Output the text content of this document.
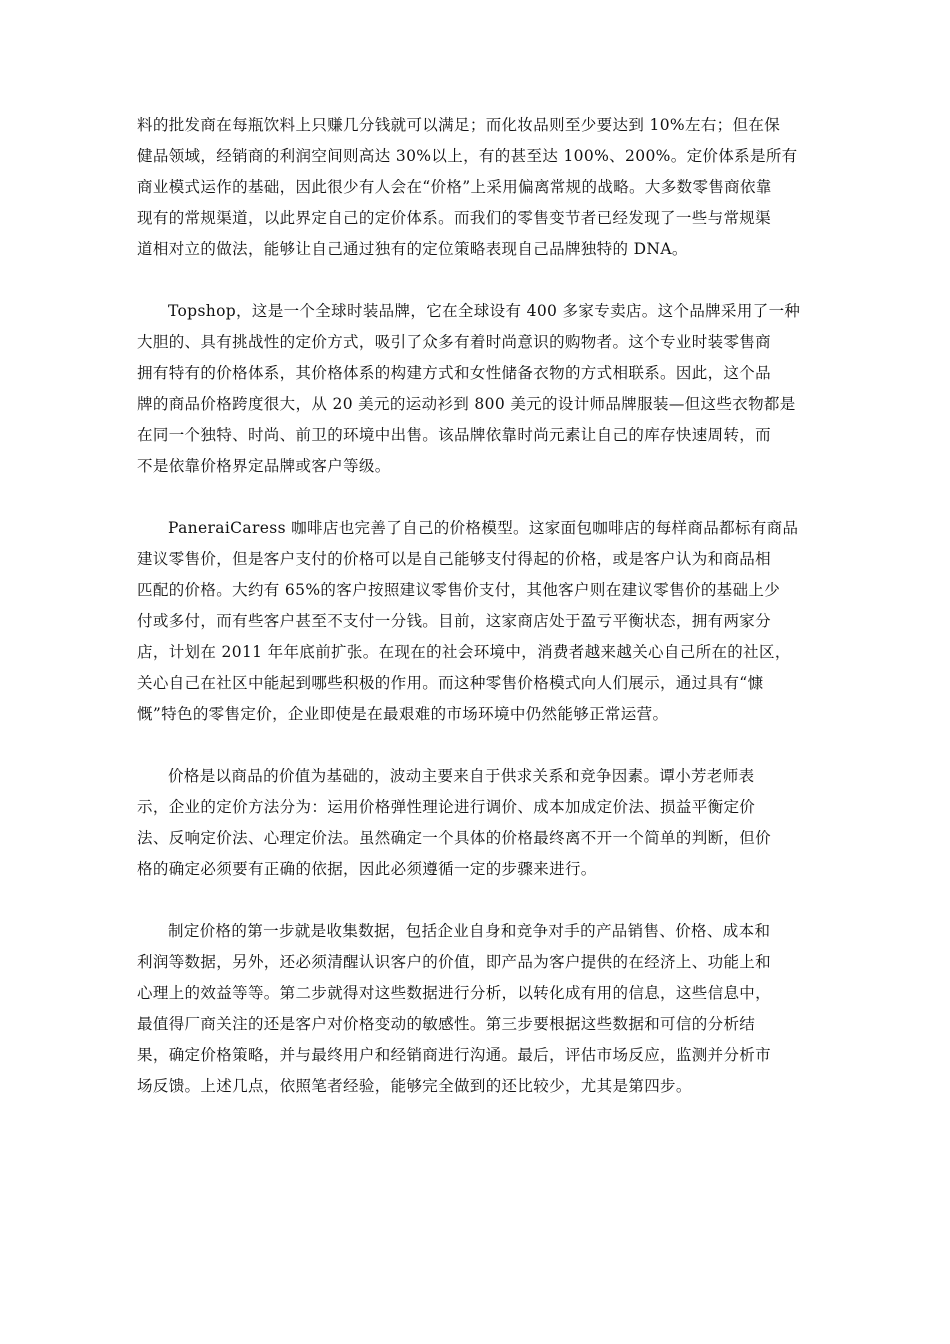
料的批发商在每瓶饮料上只赚几分钱就可以满足；而化妆品则至少要达到 10%左右；但在保
健品领域，经销商的利润空间则高达 30%以上，有的甚至达 100%、200%。定价体系是所有
商业模式运作的基础，因此很少有人会在“价格”上采用偏离常规的战略。大多数零售商依靠
现有的常规渠道，以此界定自己的定价体系。而我们的零售变节者已经发现了一些与常规渠
道相对立的做法，能够让自己通过独有的定位策略表现自己品牌独特的 DNA。

Topshop，这是一个全球时装品牌，它在全球设有 400 多家专卖店。这个品牌采用了一种
大胆的、具有挑战性的定价方式，吸引了众多有着时尚意识的购物者。这个专业时装零售商
拥有特有的价格体系，其价格体系的构建方式和女性储备衣物的方式相联系。因此，这个品
牌的商品价格跨度很大，从 20 美元的运动衫到 800 美元的设计师品牌服装—但这些衣物都是
在同一个独特、时尚、前卫的环境中出售。该品牌依靠时尚元素让自己的库存快速周转，而
不是依靠价格界定品牌或客户等级。

PaneraiCaress 咖啡店也完善了自己的价格模型。这家面包咖啡店的每样商品都标有商品
建议零售价，但是客户支付的价格可以是自己能够支付得起的价格，或是客户认为和商品相
匹配的价格。大约有 65%的客户按照建议零售价支付，其他客户则在建议零售价的基础上少
付或多付，而有些客户甚至不支付一分钱。目前，这家商店处于盈亏平衡状态，拥有两家分
店，计划在 2011 年年底前扩张。在现在的社会环境中，消费者越来越关心自己所在的社区，
关心自己在社区中能起到哪些积极的作用。而这种零售价格模式向人们展示，通过具有“慷
慨”特色的零售定价，企业即使是在最艰难的市场环境中仍然能够正常运营。

价格是以商品的价值为基础的，波动主要来自于供求关系和竞争因素。谭小芳老师表
示，企业的定价方法分为：运用价格弹性理论进行调价、成本加成定价法、损益平衡定价
法、反响定价法、心理定价法。虽然确定一个具体的价格最终离不开一个简单的判断，但价
格的确定必须要有正确的依据，因此必须遵循一定的步骤来进行。

制定价格的第一步就是收集数据，包括企业自身和竞争对手的产品销售、价格、成本和
利润等数据，另外，还必须清醒认识客户的价值，即产品为客户提供的在经济上、功能上和
心理上的效益等等。第二步就得对这些数据进行分析，以转化成有用的信息，这些信息中，
最值得厂商关注的还是客户对价格变动的敏感性。第三步要根据这些数据和可信的分析结
果，确定价格策略，并与最终用户和经销商进行沟通。最后，评估市场反应，监测并分析市
场反馈。上述几点，依照笔者经验，能够完全做到的还比较少，尤其是第四步。
